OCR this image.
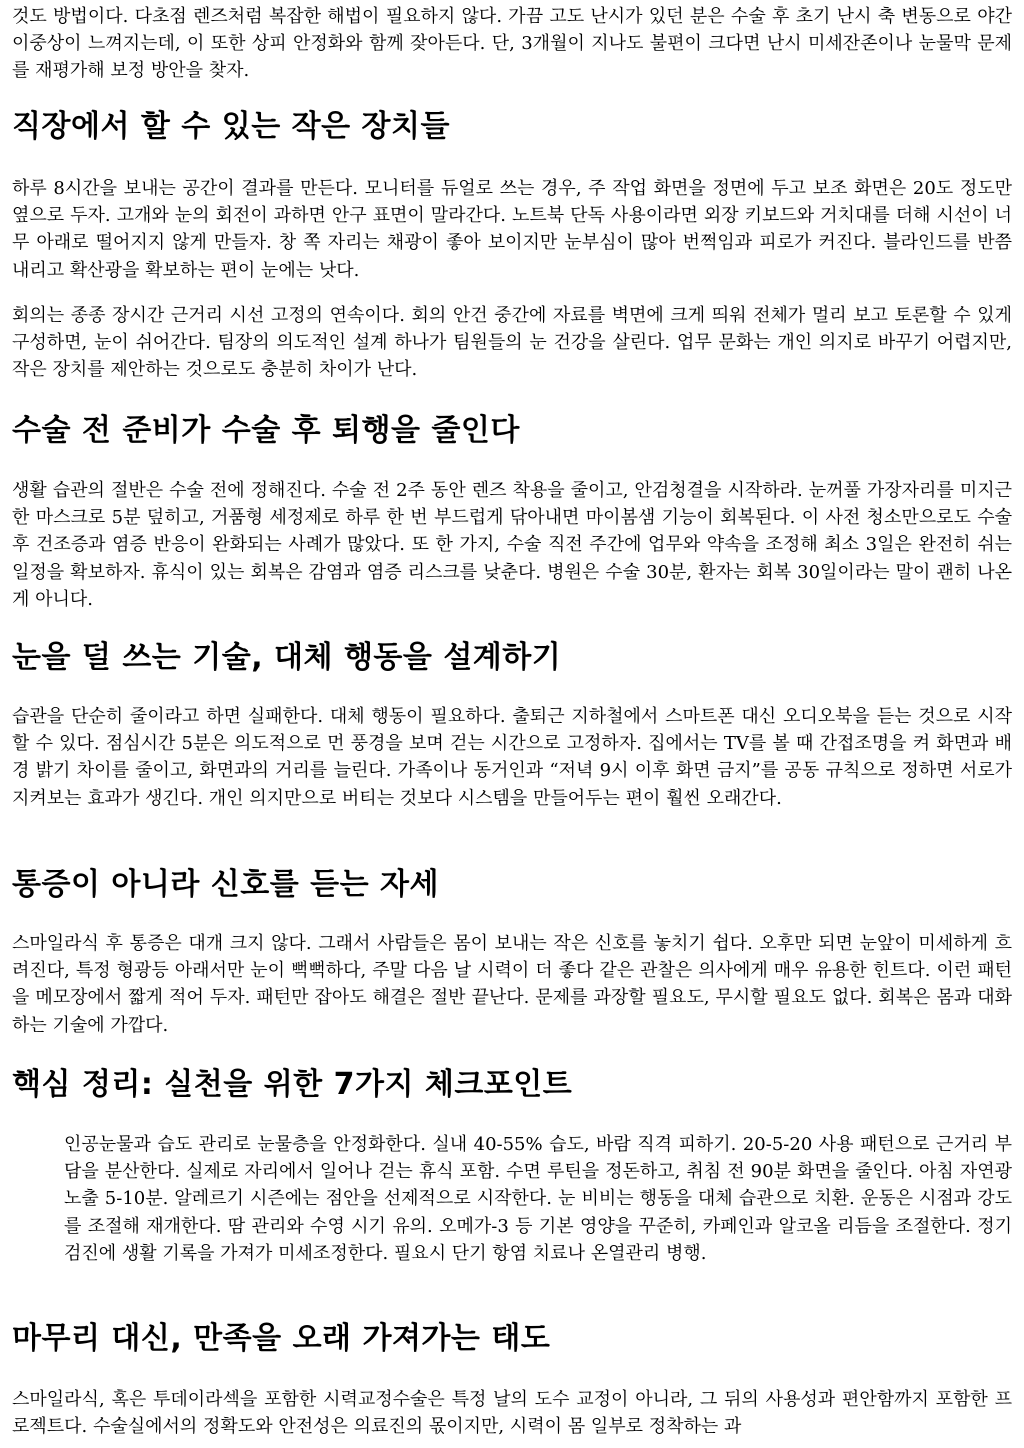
것도 방법이다. 다초점 렌즈처럼 복잡한 해법이 필요하지 않다. 가끔 고도 난시가 있던 분은 수술 후 초기 난시 축 변동으로 야간 이중상이 느껴지는데, 이 또한 상피 안정화와 함께 잦아든다. 단, 3개월이 지나도 불편이 크다면 난시 미세잔존이나 눈물막 문제를 재평가해 보정 방안을 찾자.

직장에서 할 수 있는 작은 장치들

하루 8시간을 보내는 공간이 결과를 만든다. 모니터를 듀얼로 쓰는 경우, 주 작업 화면을 정면에 두고 보조 화면은 20도 정도만 옆으로 두자. 고개와 눈의 회전이 과하면 안구 표면이 말라간다. 노트북 단독 사용이라면 외장 키보드와 거치대를 더해 시선이 너무 아래로 떨어지지 않게 만들자. 창 쪽 자리는 채광이 좋아 보이지만 눈부심이 많아 번쩍임과 피로가 커진다. 블라인드를 반쯤 내리고 확산광을 확보하는 편이 눈에는 낫다.

회의는 종종 장시간 근거리 시선 고정의 연속이다. 회의 안건 중간에 자료를 벽면에 크게 띄워 전체가 멀리 보고 토론할 수 있게 구성하면, 눈이 쉬어간다. 팀장의 의도적인 설계 하나가 팀원들의 눈 건강을 살린다. 업무 문화는 개인 의지로 바꾸기 어렵지만, 작은 장치를 제안하는 것으로도 충분히 차이가 난다.

수술 전 준비가 수술 후 퇴행을 줄인다

생활 습관의 절반은 수술 전에 정해진다. 수술 전 2주 동안 렌즈 착용을 줄이고, 안검청결을 시작하라. 눈꺼풀 가장자리를 미지근한 마스크로 5분 덮히고, 거품형 세정제로 하루 한 번 부드럽게 닦아내면 마이봄샘 기능이 회복된다. 이 사전 청소만으로도 수술 후 건조증과 염증 반응이 완화되는 사례가 많았다. 또 한 가지, 수술 직전 주간에 업무와 약속을 조정해 최소 3일은 완전히 쉬는 일정을 확보하자. 휴식이 있는 회복은 감염과 염증 리스크를 낮춘다. 병원은 수술 30분, 환자는 회복 30일이라는 말이 괜히 나온 게 아니다.

눈을 덜 쓰는 기술, 대체 행동을 설계하기

습관을 단순히 줄이라고 하면 실패한다. 대체 행동이 필요하다. 출퇴근 지하철에서 스마트폰 대신 오디오북을 듣는 것으로 시작할 수 있다. 점심시간 5분은 의도적으로 먼 풍경을 보며 걷는 시간으로 고정하자. 집에서는 TV를 볼 때 간접조명을 켜 화면과 배경 밝기 차이를 줄이고, 화면과의 거리를 늘린다. 가족이나 동거인과 “저녁 9시 이후 화면 금지”를 공동 규칙으로 정하면 서로가 지켜보는 효과가 생긴다. 개인 의지만으로 버티는 것보다 시스템을 만들어두는 편이 훨씬 오래간다.

통증이 아니라 신호를 듣는 자세

스마일라식 후 통증은 대개 크지 않다. 그래서 사람들은 몸이 보내는 작은 신호를 놓치기 쉽다. 오후만 되면 눈앞이 미세하게 흐려진다, 특정 형광등 아래서만 눈이 뻑뻑하다, 주말 다음 날 시력이 더 좋다 같은 관찰은 의사에게 매우 유용한 힌트다. 이런 패턴을 메모장에서 짧게 적어 두자. 패턴만 잡아도 해결은 절반 끝난다. 문제를 과장할 필요도, 무시할 필요도 없다. 회복은 몸과 대화하는 기술에 가깝다.

핵심 정리: 실천을 위한 7가지 체크포인트

인공눈물과 습도 관리로 눈물층을 안정화한다. 실내 40-55% 습도, 바람 직격 피하기. 20-5-20 사용 패턴으로 근거리 부담을 분산한다. 실제로 자리에서 일어나 걷는 휴식 포함. 수면 루틴을 정돈하고, 취침 전 90분 화면을 줄인다. 아침 자연광 노출 5-10분. 알레르기 시즌에는 점안을 선제적으로 시작한다. 눈 비비는 행동을 대체 습관으로 치환. 운동은 시점과 강도를 조절해 재개한다. 땀 관리와 수영 시기 유의. 오메가-3 등 기본 영양을 꾸준히, 카페인과 알코올 리듬을 조절한다. 정기검진에 생활 기록을 가져가 미세조정한다. 필요시 단기 항염 치료나 온열관리 병행.

마무리 대신, 만족을 오래 가져가는 태도

스마일라식, 혹은 투데이라섹을 포함한 시력교정수술은 특정 날의 도수 교정이 아니라, 그 뒤의 사용성과 편안함까지 포함한 프로젝트다. 수술실에서의 정확도와 안전성은 의료진의 몫이지만, 시력이 몸 일부로 정착하는 과
